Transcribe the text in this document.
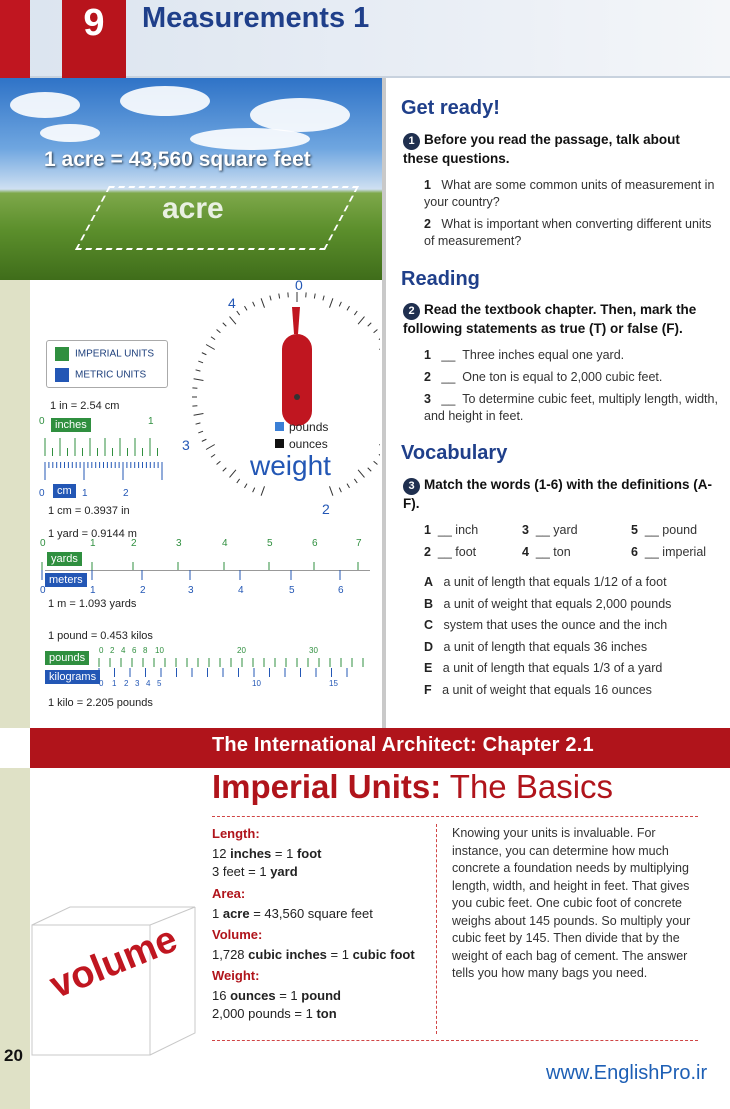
9	Measurements 1
1 acre = 43,560 square feet
acre
IMPERIAL UNITS
METRIC UNITS
0
4
3
2
pounds
ounces
weight
1 in = 2.54 cm
0	1
inches
0	cm	1	2
1 cm = 0.3937 in
1 yard = 0.9144 m
yards
meters
1 m = 1.093 yards
1 pound = 0.453 kilos
pounds
kilograms
1 kilo = 2.205 pounds
Get ready!
1 Before you read the passage, talk about these questions.
1 What are some common units of measurement in your country?
2 What is important when converting different units of measurement?
Reading
2 Read the textbook chapter. Then, mark the following statements as true (T) or false (F).
1 __ Three inches equal one yard.
2 __ One ton is equal to 2,000 cubic feet.
3 __ To determine cubic feet, multiply length, width, and height in feet.
Vocabulary
3 Match the words (1-6) with the definitions (A-F).
The International Architect: Chapter 2.1
Imperial Units: The Basics
Length:
12 inches = 1 foot
3 feet = 1 yard
Area:
1 acre = 43,560 square feet
Volume:
1,728 cubic inches = 1 cubic foot
Weight:
16 ounces = 1 pound
2,000 pounds = 1 ton
Knowing your units is invaluable. For instance, you can determine how much concrete a foundation needs by multiplying length, width, and height in feet. That gives you cubic feet. One cubic foot of concrete weighs about 145 pounds. So multiply your cubic feet by 145. Then divide that by the weight of each bag of cement. The answer tells you how many bags you need.
volume
20
www.EnglishPro.ir
0	1	2	3	4	5	6	7
0	1	2	3	4	5	6
0 2 4 6 8 10	20	30
0 1 2 3 4 5	10	15
1 __ inch	3 __ yard	5 __ pound
2 __ foot	4 __ ton	6 __ imperial
A a unit of length that equals 1/12 of a foot
B a unit of weight that equals 2,000 pounds
C system that uses the ounce and the inch
D a unit of length that equals 36 inches
E a unit of length that equals 1/3 of a yard
F a unit of weight that equals 16 ounces
